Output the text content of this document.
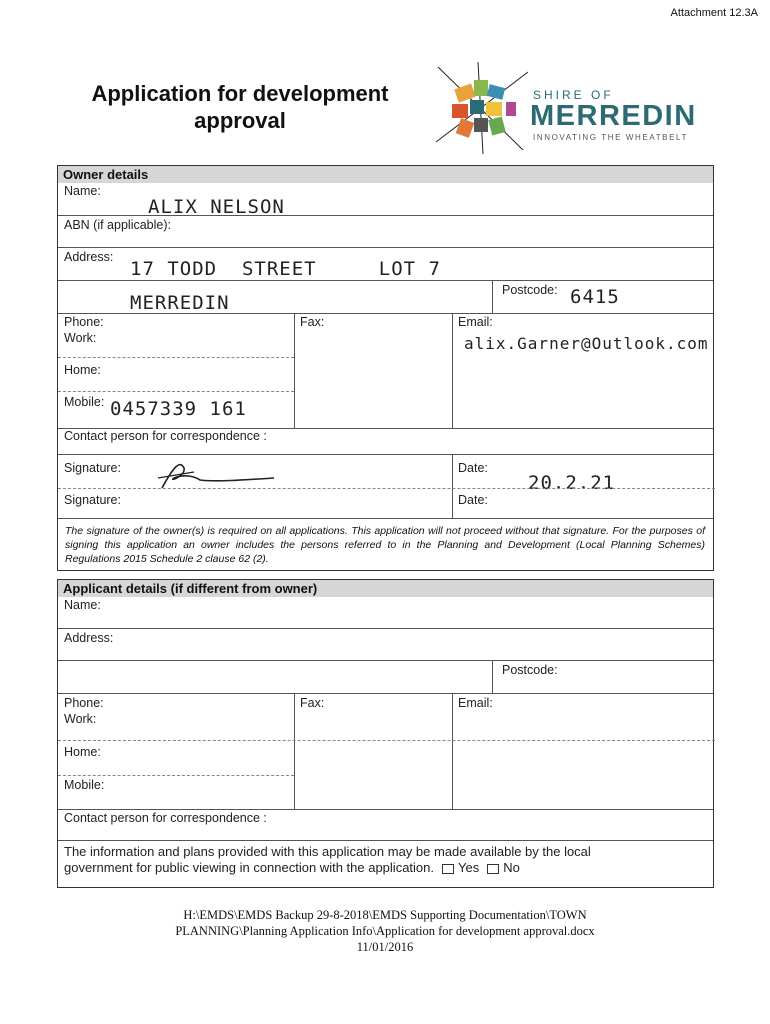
Attachment 12.3A
Application for development
approval
SHIRE OF
MERREDIN
INNOVATING THE WHEATBELT
Owner details
Name:
ALIX NELSON
ABN (if applicable):
Address:
17 TODD  STREET     LOT 7
MERREDIN
Postcode: 6415
Phone:
Work:
Fax:	Email:
alix.Garner@Outlook.com
Home:
Mobile: 0457339 161
Contact person for correspondence :
Signature:	Date:
20.2.21
Signature:	Date:
The signature of the owner(s) is required on all applications. This application will not proceed without that signature. For the purposes of signing this application an owner includes the persons referred to in the Planning and Development (Local Planning Schemes) Regulations 2015 Schedule 2 clause 62 (2).
Applicant details (if different from owner)
Name:
Address:
Postcode:
Phone:
Work:
Fax:	Email:
Home:
Mobile:
Contact person for correspondence :
The information and plans provided with this application may be made available by the local
government for public viewing in connection with the application. Yes No
H:\EMDS\EMDS Backup 29-8-2018\EMDS Supporting Documentation\TOWN
PLANNING\Planning Application Info\Application for development approval.docx
11/01/2016
